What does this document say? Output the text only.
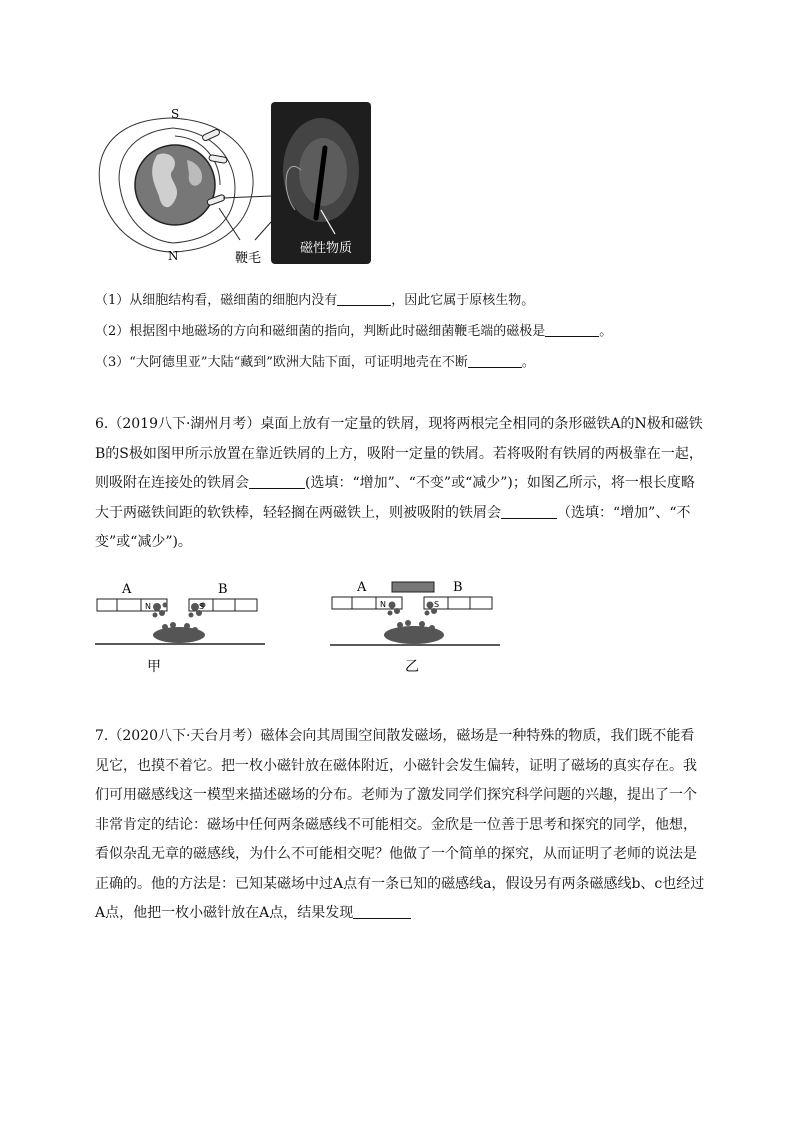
S
N	鞭毛
磁性物质
（1）从细胞结构看，磁细菌的细胞内没有	，因此它属于原核生物。
（2）根据图中地磁场的方向和磁细菌的指向，判断此时磁细菌鞭毛端的磁极是	。
（3）“大阿德里亚”大陆“藏到”欧洲大陆下面，可证明地壳在不断	。
6.（2019八下·湖州月考）桌面上放有一定量的铁屑，现将两根完全相同的条形磁铁A的N极和磁铁B的S极如图甲所示放置在靠近铁屑的上方，吸附一定量的铁屑。若将吸附有铁屑的两极靠在一起，则吸附在连接处的铁屑会	(选填：“增加”、“不变”或“减少”)；如图乙所示，将一根长度略大于两磁铁间距的软铁棒，轻轻搁在两磁铁上，则被吸附的铁屑会	（选填：“增加”、“不变”或“减少”)。
A	B
N	S
甲
A	B
N	S
乙
7.（2020八下·天台月考）磁体会向其周围空间散发磁场，磁场是一种特殊的物质，我们既不能看见它，也摸不着它。把一枚小磁针放在磁体附近，小磁针会发生偏转，证明了磁场的真实存在。我们可用磁感线这一模型来描述磁场的分布。老师为了激发同学们探究科学问题的兴趣，提出了一个非常肯定的结论：磁场中任何两条磁感线不可能相交。金欣是一位善于思考和探究的同学，他想，看似杂乱无章的磁感线，为什么不可能相交呢？他做了一个简单的探究，从而证明了老师的说法是正确的。他的方法是：已知某磁场中过A点有一条已知的磁感线a，假设另有两条磁感线b、c也经过A点，他把一枚小磁针放在A点，结果发现
